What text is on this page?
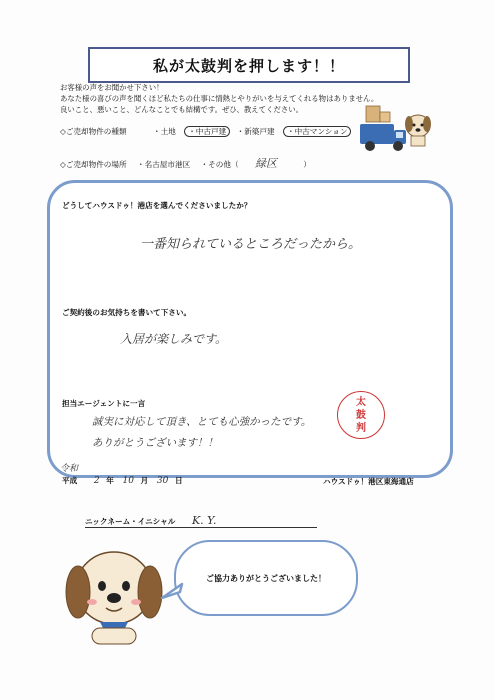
私が太鼓判を押します！！
お客様の声をお聞かせ下さい！
あなた様の喜びの声を聞くほど私たちの仕事に情熱とやりがいを与えてくれる物はありません。
良いこと、悪いこと、どんなことでも結構です。ぜひ、教えてください。
◇ご売却物件の種類	・土地 ・中古戸建 ・新築戸建 ・中古マンション
◇ご売却物件の場所 ・名古屋市港区 ・その他（ 緑区	）
どうしてハウスドゥ！港店を選んでくださいましたか？
一番知られているところだったから。
ご契約後のお気持ちを書いて下さい。
入居が楽しみです。
担当エージェントに一言
誠実に対応して頂き、とても心強かったです。
ありがとうございます！！
太
鼓
判
令和
平成 2 年 10 月 30 日	ハウスドゥ！港区東海通店
ニックネーム・イニシャル K. Y.
ご協力ありがとうございました！
